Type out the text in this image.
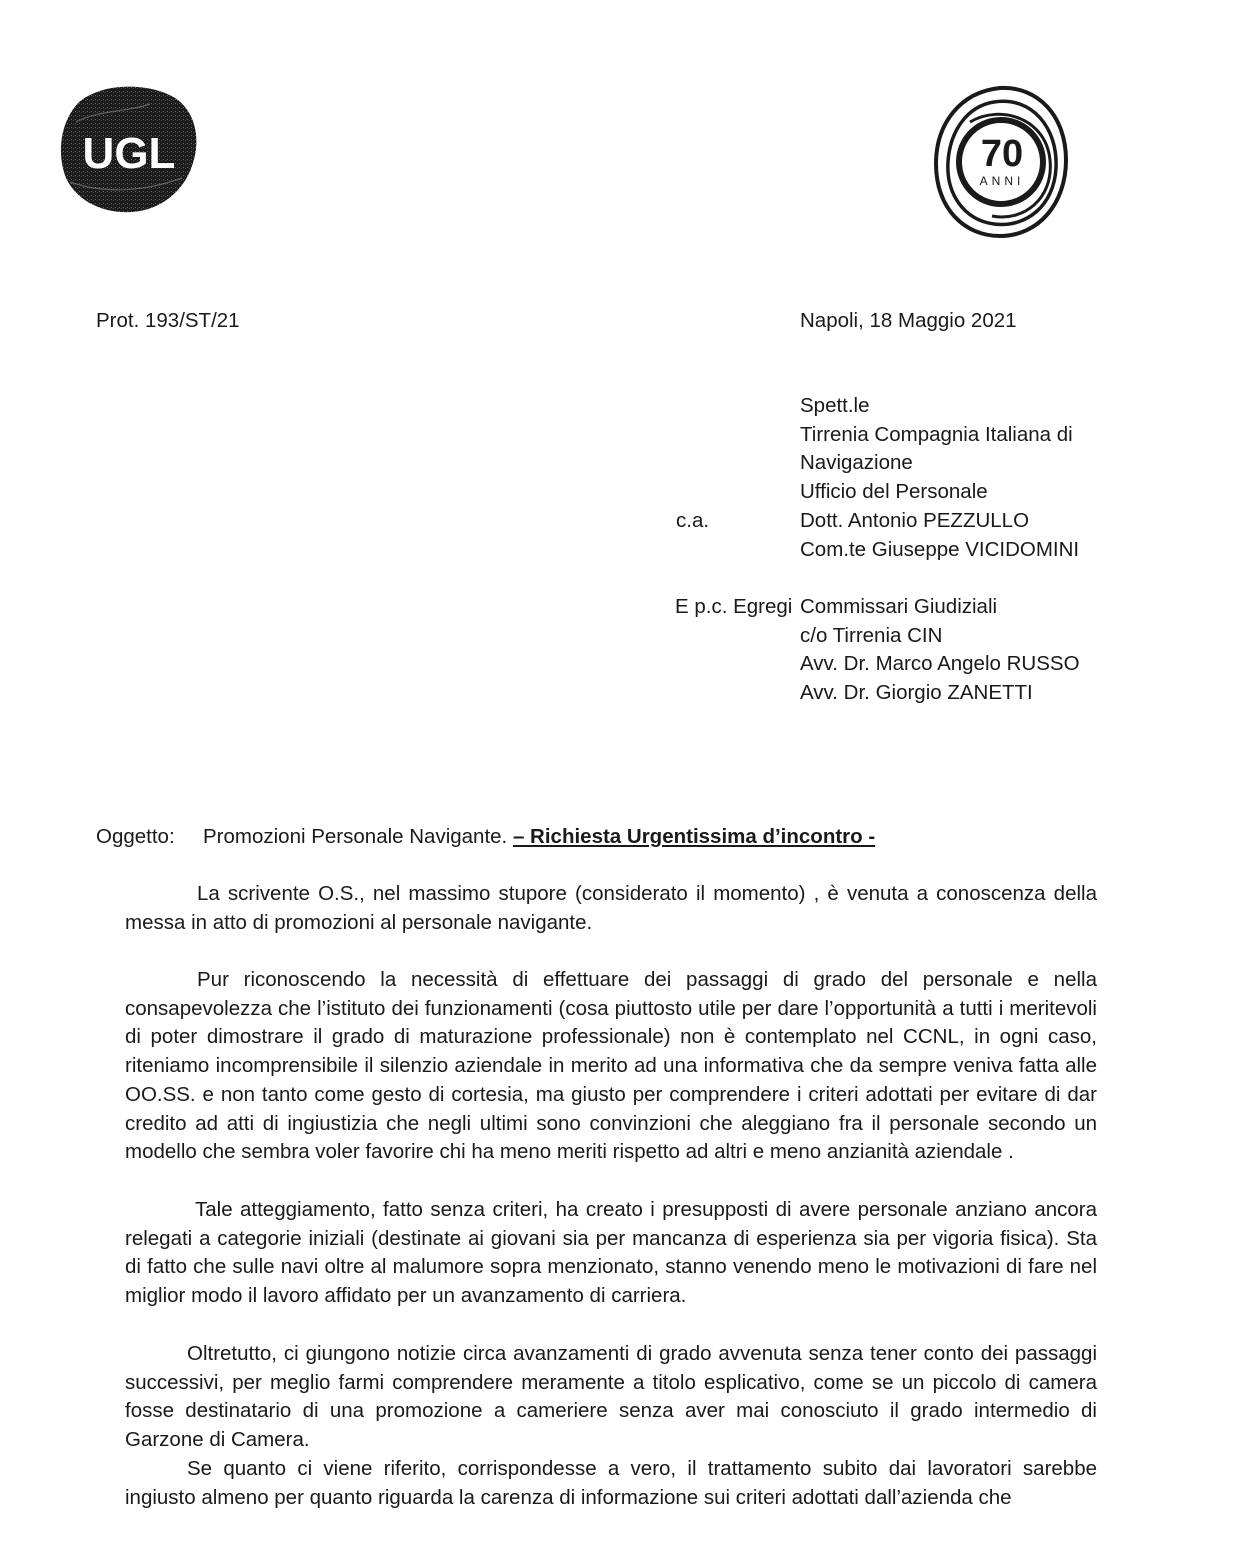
UGL	70
ANNI
Prot. 193/ST/21	Napoli, 18 Maggio 2021
Spett.le
Tirrenia Compagnia Italiana di
Navigazione
Ufficio del Personale
Dott. Antonio PEZZULLO
Com.te Giuseppe VICIDOMINI
c.a.
E p.c. Egregi Commissari Giudiziali
c/o Tirrenia CIN
Avv. Dr. Marco Angelo RUSSO
Avv. Dr. Giorgio ZANETTI
Oggetto: Promozioni Personale Navigante. – Richiesta Urgentissima d’incontro -
La scrivente O.S., nel massimo stupore (considerato il momento) , è venuta a conoscenza della messa in atto di promozioni al personale navigante.
Pur riconoscendo la necessità di effettuare dei passaggi di grado del personale e nella consapevolezza che l’istituto dei funzionamenti (cosa piuttosto utile per dare l’opportunità a tutti i meritevoli di poter dimostrare il grado di maturazione professionale) non è contemplato nel CCNL, in ogni caso, riteniamo incomprensibile il silenzio aziendale in merito ad una informativa che da sempre veniva fatta alle OO.SS. e non tanto come gesto di cortesia, ma giusto per comprendere i criteri adottati per evitare di dar credito ad atti di ingiustizia che negli ultimi sono convinzioni che aleggiano fra il personale secondo un modello che sembra voler favorire chi ha meno meriti rispetto ad altri e meno anzianità aziendale .
Tale atteggiamento, fatto senza criteri, ha creato i presupposti di avere personale anziano ancora relegati a categorie iniziali (destinate ai giovani sia per mancanza di esperienza sia per vigoria fisica). Sta di fatto che sulle navi oltre al malumore sopra menzionato, stanno venendo meno le motivazioni di fare nel miglior modo il lavoro affidato per un avanzamento di carriera.
Oltretutto, ci giungono notizie circa avanzamenti di grado avvenuta senza tener conto dei passaggi successivi, per meglio farmi comprendere meramente a titolo esplicativo, come se un piccolo di camera fosse destinatario di una promozione a cameriere senza aver mai conosciuto il grado intermedio di Garzone di Camera.
Se quanto ci viene riferito, corrispondesse a vero, il trattamento subito dai lavoratori sarebbe ingiusto almeno per quanto riguarda la carenza di informazione sui criteri adottati dall’azienda che
